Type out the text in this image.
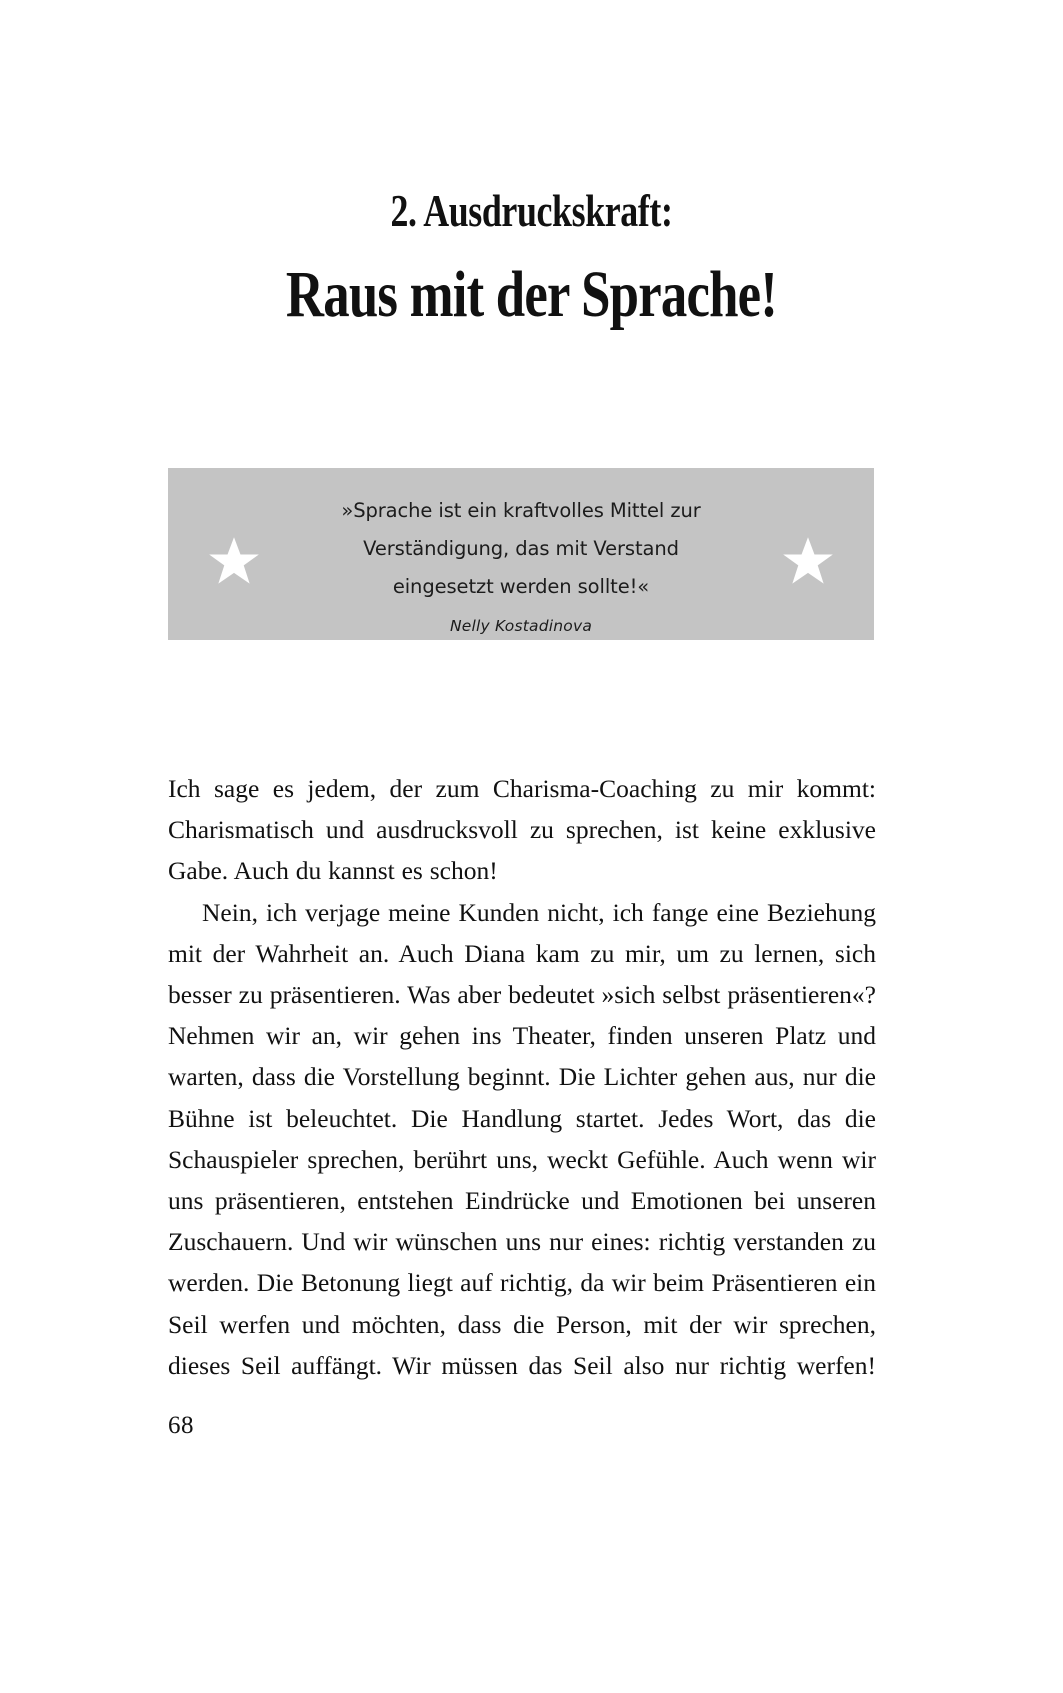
2. Ausdruckskraft:
Raus mit der Sprache!
»Sprache ist ein kraftvolles Mittel zur
Verständigung, das mit Verstand
eingesetzt werden sollte!«
Nelly Kostadinova

Ich sage es jedem, der zum Charisma-Coaching zu mir kommt: Charismatisch und ausdrucksvoll zu sprechen, ist keine exklusive Gabe. Auch du kannst es schon!

Nein, ich verjage meine Kunden nicht, ich fange eine Beziehung mit der Wahrheit an. Auch Diana kam zu mir, um zu lernen, sich besser zu präsentieren. Was aber bedeutet »sich selbst präsentieren«? Nehmen wir an, wir gehen ins Theater, finden unseren Platz und warten, dass die Vorstellung beginnt. Die Lichter gehen aus, nur die Bühne ist beleuchtet. Die Handlung startet. Jedes Wort, das die Schauspieler sprechen, berührt uns, weckt Gefühle. Auch wenn wir uns präsentieren, entstehen Eindrücke und Emotionen bei unseren Zuschauern. Und wir wünschen uns nur eines: richtig verstanden zu werden. Die Betonung liegt auf richtig, da wir beim Präsentieren ein Seil werfen und möchten, dass die Person, mit der wir sprechen, dieses Seil auffängt. Wir müssen das Seil also nur richtig werfen!

68
